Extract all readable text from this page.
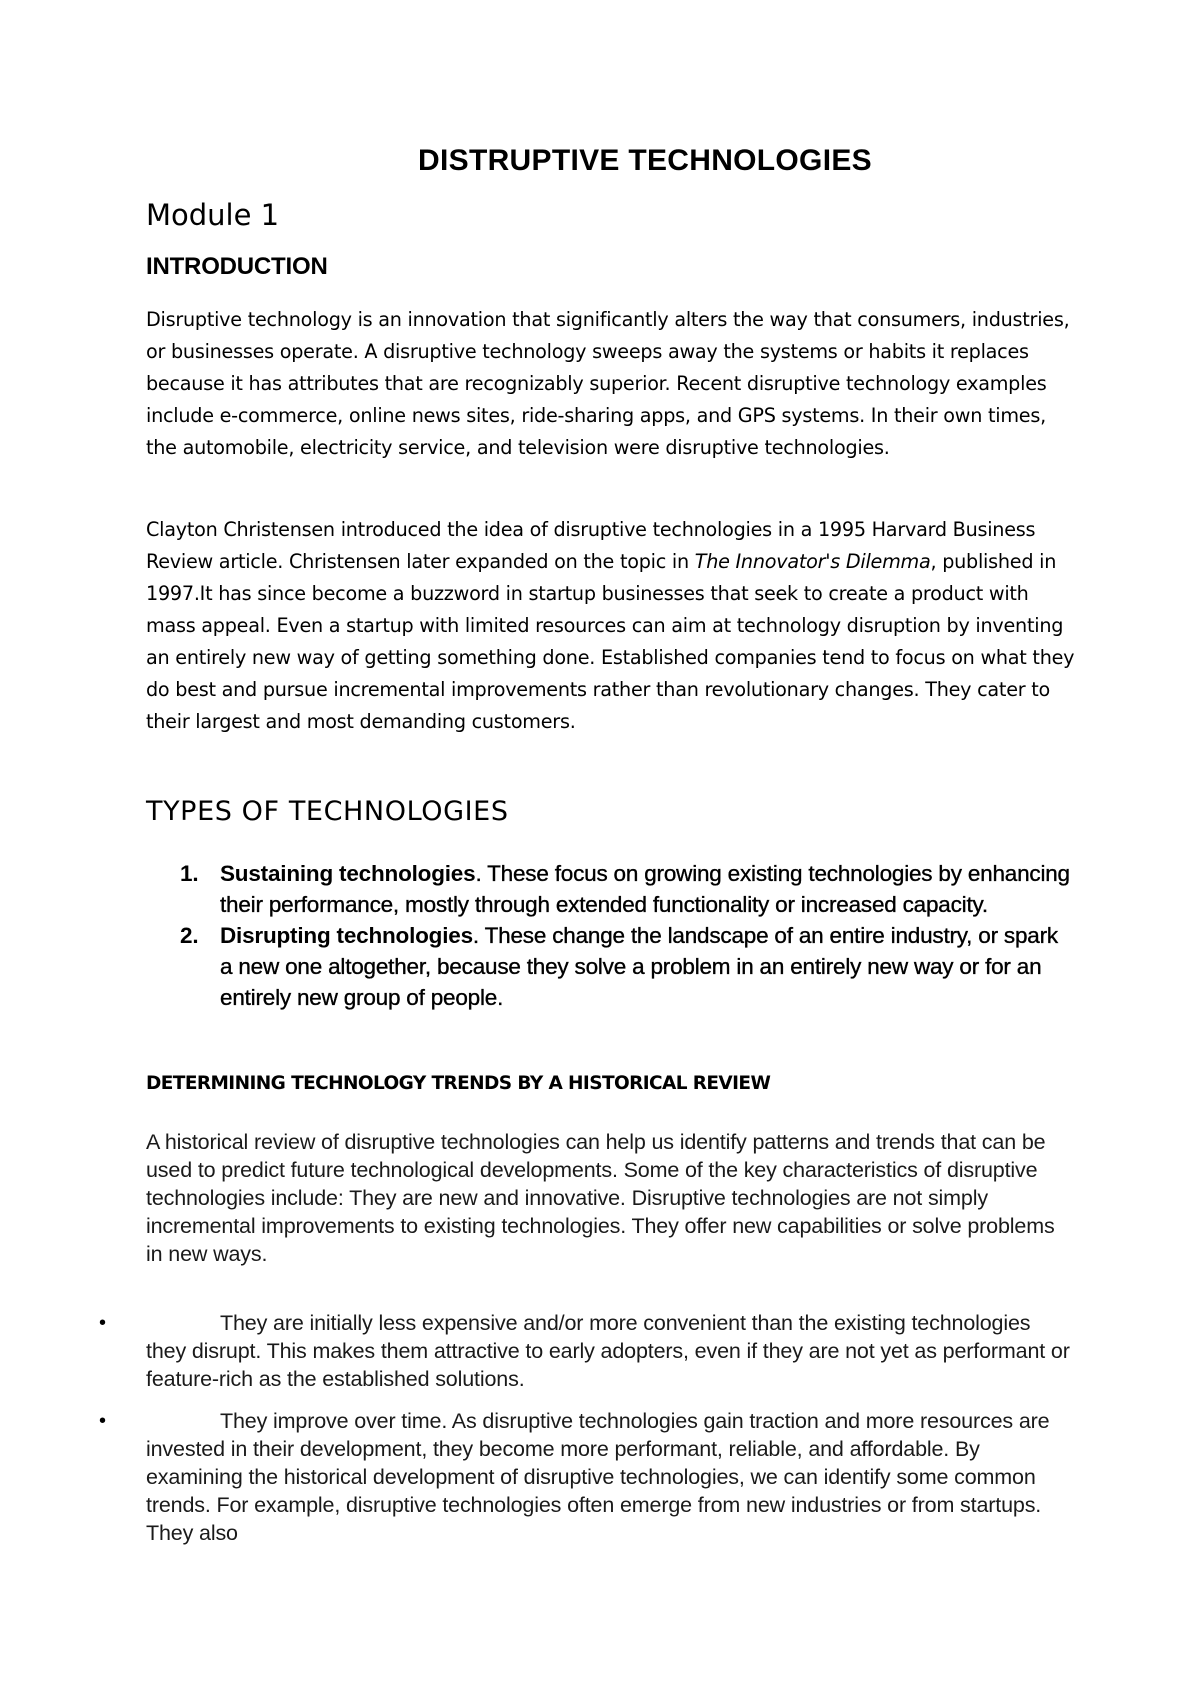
DISTRUPTIVE TECHNOLOGIES
Module 1
INTRODUCTION

Disruptive technology is an innovation that significantly alters the way that consumers, industries, or businesses operate. A disruptive technology sweeps away the systems or habits it replaces because it has attributes that are recognizably superior. Recent disruptive technology examples include e-commerce, online news sites, ride-sharing apps, and GPS systems. In their own times, the automobile, electricity service, and television were disruptive technologies.

Clayton Christensen introduced the idea of disruptive technologies in a 1995 Harvard Business Review article. Christensen later expanded on the topic in The Innovator's Dilemma, published in 1997.It has since become a buzzword in startup businesses that seek to create a product with mass appeal. Even a startup with limited resources can aim at technology disruption by inventing an entirely new way of getting something done. Established companies tend to focus on what they do best and pursue incremental improvements rather than revolutionary changes. They cater to their largest and most demanding customers.

TYPES OF TECHNOLOGIES
1. Sustaining technologies. These focus on growing existing technologies by enhancing their performance, mostly through extended functionality or increased capacity.
2. Disrupting technologies. These change the landscape of an entire industry, or spark a new one altogether, because they solve a problem in an entirely new way or for an entirely new group of people.
DETERMINING TECHNOLOGY TRENDS BY A HISTORICAL REVIEW

A historical review of disruptive technologies can help us identify patterns and trends that can be used to predict future technological developments. Some of the key characteristics of disruptive technologies include: They are new and innovative. Disruptive technologies are not simply incremental improvements to existing technologies. They offer new capabilities or solve problems in new ways.

•	They are initially less expensive and/or more convenient than the existing technologies they disrupt. This makes them attractive to early adopters, even if they are not yet as performant or feature-rich as the established solutions.

•	They improve over time. As disruptive technologies gain traction and more resources are invested in their development, they become more performant, reliable, and affordable. By examining the historical development of disruptive technologies, we can identify some common trends. For example, disruptive technologies often emerge from new industries or from startups. They also
